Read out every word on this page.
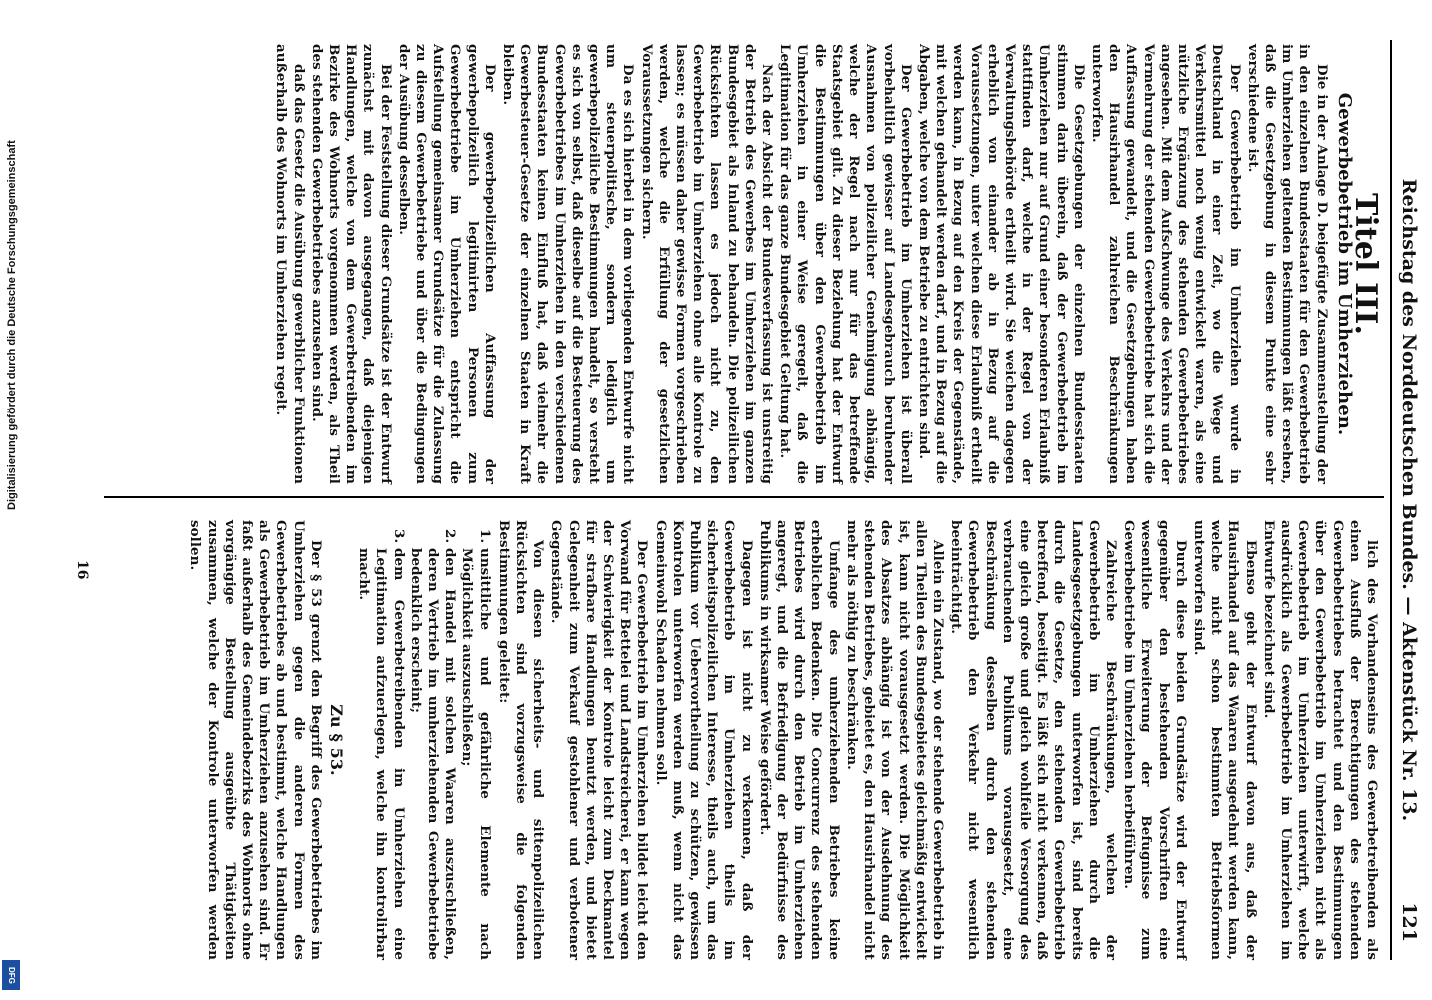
Reichstag des Norddeutschen Bundes. — Aktenstück Nr. 13.
121
Titel III.
Gewerbebetrieb im Umherziehen.

Die in der Anlage D. beigefügte Zusammenstellung der in den einzelnen Bundesstaaten für den Gewerbebetrieb im Umherziehen geltenden Bestimmungen läßt ersehen, daß die Gesetzgebung in diesem Punkte eine sehr verschiedene ist.

Der Gewerbebetrieb im Umherziehen wurde in Deutschland in einer Zeit, wo die Wege und Verkehrsmittel noch wenig entwickelt waren, als eine nützliche Ergänzung des stehenden Gewerbebetriebes angesehen. Mit dem Aufschwunge des Verkehrs und der Vermehrung der stehenden Gewerbebetriebe hat sich die Auffassung gewandelt, und die Gesetzgebungen haben den Hausirhandel zahlreichen Beschränkungen unterworfen.

Die Gesetzgebungen der einzelnen Bundesstaaten stimmen darin überein, daß der Gewerbebetrieb im Umherziehen nur auf Grund einer besonderen Erlaubniß stattfinden darf, welche in der Regel von der Verwaltungsbehörde ertheilt wird. Sie weichen dagegen erheblich von einander ab in Bezug auf die Voraussetzungen, unter welchen diese Erlaubniß ertheilt werden kann, in Bezug auf den Kreis der Gegenstände, mit welchen gehandelt werden darf, und in Bezug auf die Abgaben, welche von dem Betriebe zu entrichten sind.

Der Gewerbebetrieb im Umherziehen ist überall vorbehaltlich gewisser auf Landesgebrauch beruhender Ausnahmen von polizeilicher Genehmigung abhängig, welche der Regel nach nur für das betreffende Staatsgebiet gilt. Zu dieser Beziehung hat der Entwurf die Bestimmungen über den Gewerbebetrieb im Umherziehen in einer Weise geregelt, daß die Legitimation für das ganze Bundesgebiet Geltung hat.

Nach der Absicht der Bundesverfassung ist unstreitig der Betrieb des Gewerbes im Umherziehen im ganzen Bundesgebiet als Inland zu behandeln. Die polizeilichen Rücksichten lassen es jedoch nicht zu, den Gewerbebetrieb im Umherziehen ohne alle Kontrole zu lassen; es müssen daher gewisse Formen vorgeschrieben werden, welche die Erfüllung der gesetzlichen Voraussetzungen sichern.

Da es sich hierbei in dem vorliegenden Entwurfe nicht um steuerpolitische, sondern lediglich um gewerbepolizeiliche Bestimmungen handelt, so versteht es sich von selbst, daß dieselbe auf die Besteuerung des Gewerbebetriebes im Umherziehen in den verschiedenen Bundesstaaten keinen Einfluß hat, daß vielmehr die Gewerbesteuer-Gesetze der einzelnen Staaten in Kraft bleiben.

Der gewerbepolizeilichen Auffassung der gewerbepolizeilich legitimirten Personen zum Gewerbebetriebe im Umherziehen entspricht die Aufstellung gemeinsamer Grundsätze für die Zulassung zu diesem Gewerbebetriebe und über die Bedingungen der Ausübung desselben.

Bei der Feststellung dieser Grundsätze ist der Entwurf zunächst mit davon ausgegangen, daß diejenigen Handlungen, welche von dem Gewerbetreibenden im Bezirke des Wohnorts vorgenommen werden, als Theil des stehenden Gewerbebetriebes anzusehen sind.

daß das Gesetz die Ausübung gewerblicher Funktionen außerhalb des Wohnorts im Umherziehen regelt.

lich des Vorhandenseins des Gewerbetreibenden als einen Ausfluß der Berechtigungen des stehenden Gewerbebetriebes betrachtet und den Bestimmungen über den Gewerbebetrieb im Umherziehen nicht als Gewerbebetrieb im Umherziehen unterwirft, welche ausdrücklich als Gewerbebetrieb im Umherziehen im Entwurfe bezeichnet sind.

Ebenso geht der Entwurf davon aus, daß der Hausirhandel auf das Waaren ausgedehnt werden kann, welche nicht schon bestimmten Betriebsformen unterworfen sind.

Durch diese beiden Grundsätze wird der Entwurf gegenüber den bestehenden Vorschriften eine wesentliche Erweiterung der Befugnisse zum Gewerbebetriebe im Umherziehen herbeiführen.

Zahlreiche Beschränkungen, welchen der Gewerbebetrieb im Umherziehen durch die Landesgesetzgebungen unterworfen ist, sind bereits durch die Gesetze, den stehenden Gewerbebetrieb betreffend, beseitigt. Es läßt sich nicht verkennen, daß eine gleich große und gleich wohlfeile Versorgung des verbrauchenden Publikums vorausgesetzt, eine Beschränkung desselben durch den stehenden Gewerbebetrieb den Verkehr nicht wesentlich beeinträchtigt.

Allein ein Zustand, wo der stehende Gewerbebetrieb in allen Theilen des Bundesgebietes gleichmäßig entwickelt ist, kann nicht vorausgesetzt werden. Die Möglichkeit des Absatzes abhängig ist von der Ausdehnung des stehenden Betriebes, gebietet es, den Hausirhandel nicht mehr als nöthig zu beschränken.

Umfange des umherziehenden Betriebes keine erheblichen Bedenken. Die Concurrenz des stehenden Betriebes wird durch den Betrieb im Umherziehen angeregt, und die Befriedigung der Bedürfnisse des Publikums in wirksamer Weise gefördert.

Dagegen ist nicht zu verkennen, daß der Gewerbebetrieb im Umherziehen theils im sicherheitspolizeilichen Interesse, theils auch, um das Publikum vor Uebervortheilung zu schützen, gewissen Kontrolen unterworfen werden muß, wenn nicht das Gemeinwohl Schaden nehmen soll.

Der Gewerbebetrieb im Umherziehen bildet leicht den Vorwand für Bettelei und Landstreicherei, er kann wegen der Schwierigkeit der Kontrole leicht zum Deckmantel für strafbare Handlungen benutzt werden, und bietet Gelegenheit zum Verkauf gestohlener und verbotener Gegenstände.

Von diesen sicherheits- und sittenpolizeilichen Rücksichten sind vorzugsweise die folgenden Bestimmungen geleitet:

1. unsittliche und gefährliche Elemente nach Möglichkeit auszuschließen;
2. den Handel mit solchen Waaren auszuschließen, deren Vertrieb im umherziehenden Gewerbebetriebe bedenklich erscheint;
3. dem Gewerbetreibenden im Umherziehen eine Legitimation aufzuerlegen, welche ihn kontrolirbar macht.
Zu § 53.

Der § 53 grenzt den Begriff des Gewerbebetriebes im Umherziehen gegen die anderen Formen des Gewerbebetriebes ab und bestimmt, welche Handlungen als Gewerbebetrieb im Umherziehen anzusehen sind. Er faßt außerhalb des Gemeindebezirks des Wohnorts ohne vorgängige Bestellung ausgeübte Thätigkeiten zusammen, welche der Kontrole unterworfen werden sollen.

16
Digitalisierung gefördert durch die Deutsche Forschungsgemeinschaft
DFG
